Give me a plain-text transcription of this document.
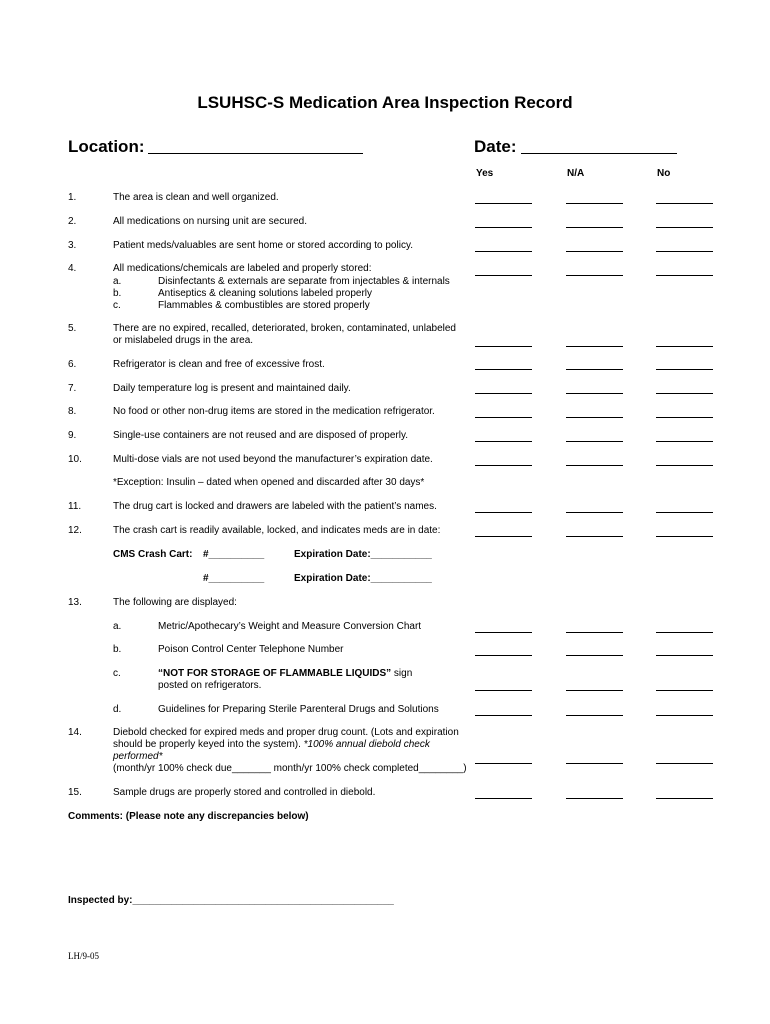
LSUHSC-S Medication Area Inspection Record
Location:	Date:
Yes	N/A	No
1.	The area is clean and well organized.
2.	All medications on nursing unit are secured.
3.	Patient meds/valuables are sent home or stored according to policy.
4.	All medications/chemicals are labeled and properly stored:
a.	Disinfectants & externals are separate from injectables & internals
b.	Antiseptics & cleaning solutions labeled properly
c.	Flammables & combustibles are stored properly
5.	There are no expired, recalled, deteriorated, broken, contaminated, unlabeled
or mislabeled drugs in the area.
6.	Refrigerator is clean and free of excessive frost.
7.	Daily temperature log is present and maintained daily.
8.	No food or other non-drug items are stored in the medication refrigerator.
9.	Single-use containers are not reused and are disposed of properly.
10.	Multi-dose vials are not used beyond the manufacturer’s expiration date.
11.	The drug cart is locked and drawers are labeled with the patient’s names.
12.	The crash cart is readily available, locked, and indicates meds are in date:
13.	The following are displayed:
a.	Metric/Apothecary’s Weight and Measure Conversion Chart
b.	Poison Control Center Telephone Number
c.	“NOT FOR STORAGE OF FLAMMABLE LIQUIDS” sign
posted on refrigerators.
d.	Guidelines for Preparing Sterile Parenteral Drugs and Solutions
14.	Diebold checked for expired meds and proper drug count. (Lots and expiration
should be properly keyed into the system). *100% annual diebold check
performed*
(month/yr 100% check due_______ month/yr 100% check completed________)
15.	Sample drugs are properly stored and controlled in diebold.
*Exception: Insulin – dated when opened and discarded after 30 days*
CMS Crash Cart: #__________	Expiration Date:___________
#__________	Expiration Date:___________
Comments: (Please note any discrepancies below)
Inspected by:_______________________________________________
LH/9-05
